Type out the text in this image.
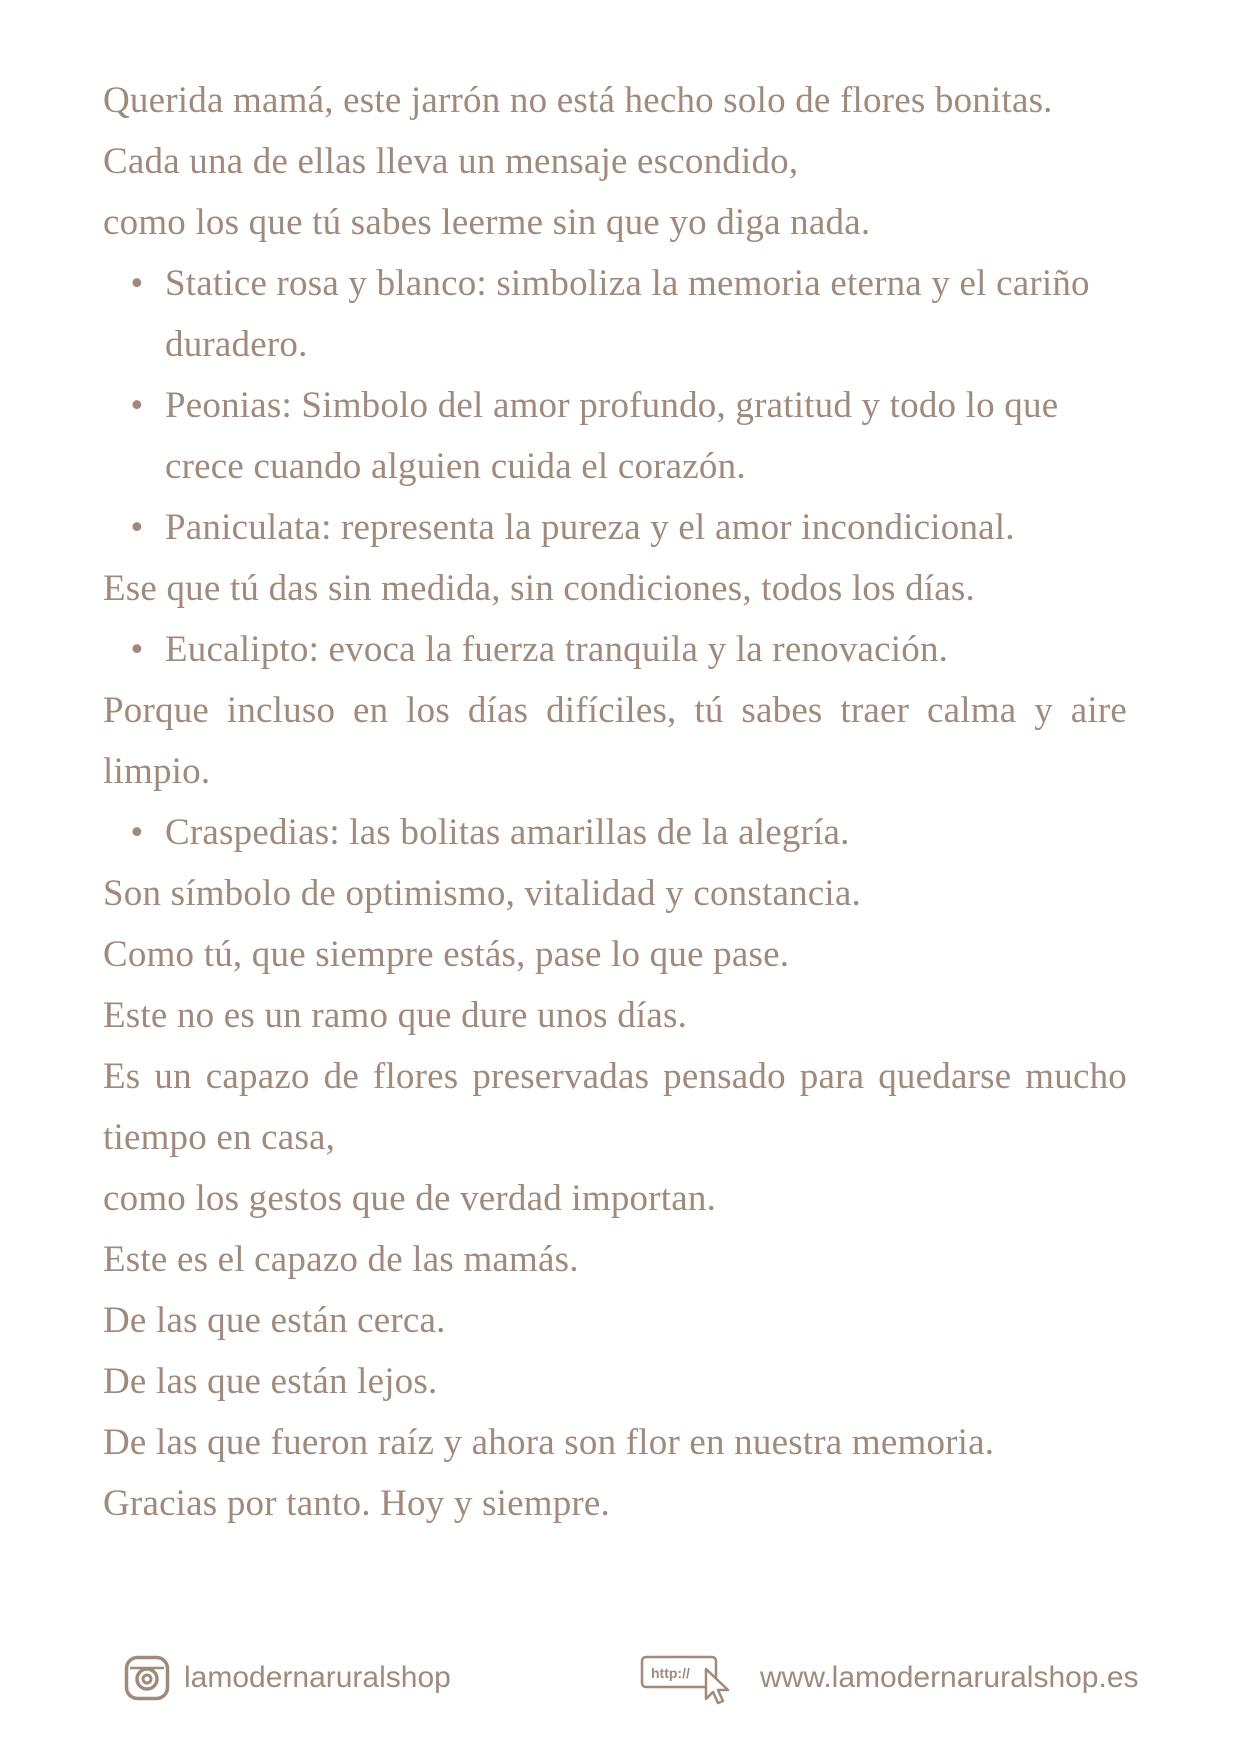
Querida mamá, este jarrón no está hecho solo de flores bonitas.

Cada una de ellas lleva un mensaje escondido,

como los que tú sabes leerme sin que yo diga nada.

• Statice rosa y blanco: simboliza la memoria eterna y el cariño duradero.
• Peonias: Simbolo del amor profundo, gratitud y todo lo que crece cuando alguien cuida el corazón.
• Paniculata: representa la pureza y el amor incondicional.

Ese que tú das sin medida, sin condiciones, todos los días.

• Eucalipto: evoca la fuerza tranquila y la renovación.

Porque incluso en los días difíciles, tú sabes traer calma y aire limpio.

• Craspedias: las bolitas amarillas de la alegría.

Son símbolo de optimismo, vitalidad y constancia.

Como tú, que siempre estás, pase lo que pase.

Este no es un ramo que dure unos días.

Es un capazo de flores preservadas pensado para quedarse mucho tiempo en casa,

como los gestos que de verdad importan.

Este es el capazo de las mamás.

De las que están cerca.

De las que están lejos.

De las que fueron raíz y ahora son flor en nuestra memoria.

Gracias por tanto. Hoy y siempre.

lamodernaruralshop	http:// www.lamodernaruralshop.es
